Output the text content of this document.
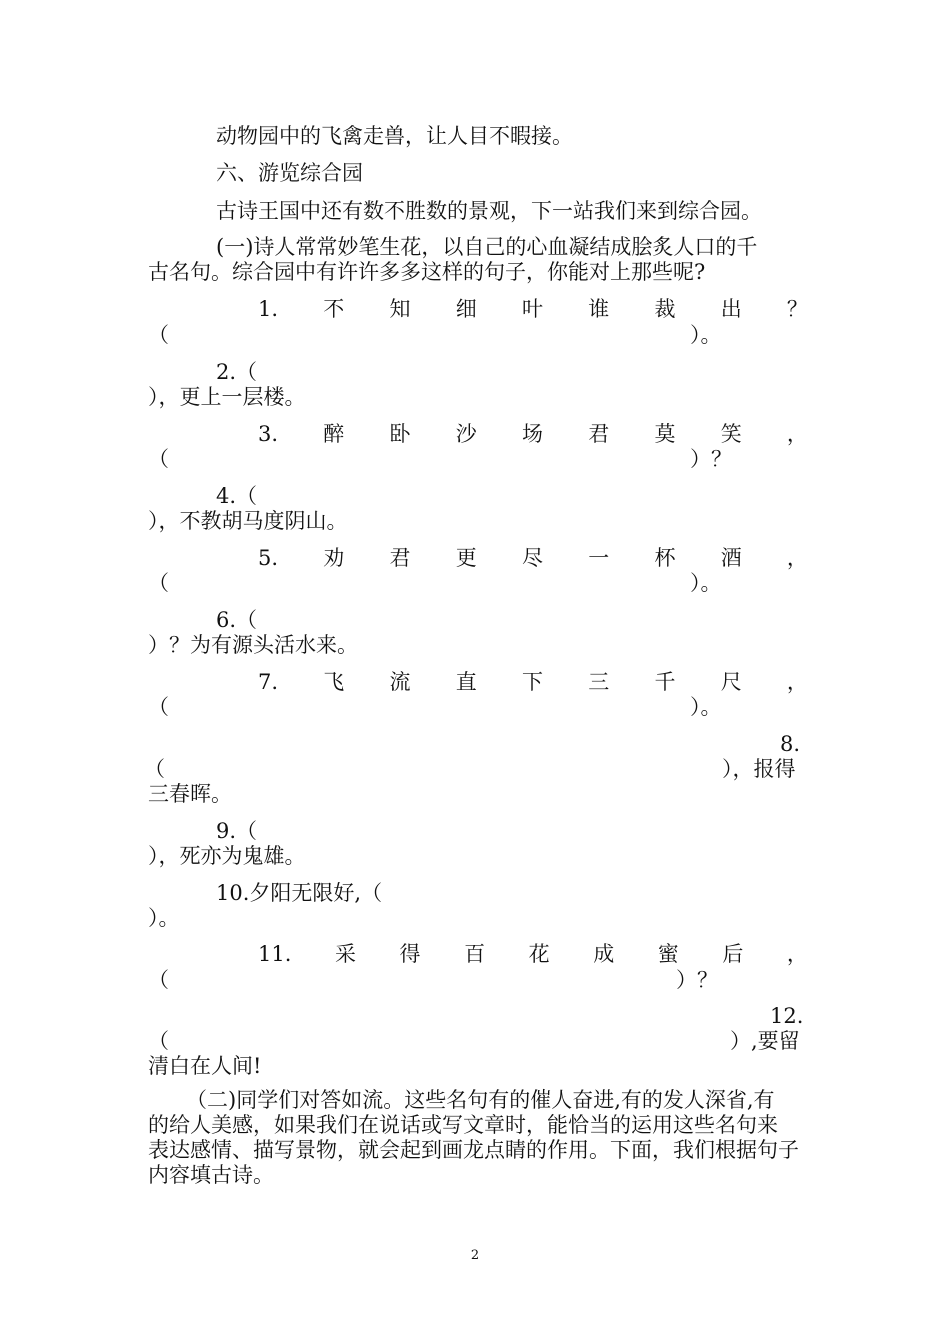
动物园中的飞禽走兽，让人目不暇接。
六、游览综合园
古诗王国中还有数不胜数的景观，下一站我们来到综合园。
(一)诗人常常妙笔生花，以自己的心血凝结成脍炙人口的千
古名句。综合园中有许许多多这样的句子，你能对上那些呢?
1. 不 知 细 叶 谁 裁 出 ？
（	）。
2.（
），更上一层楼。
3. 醉 卧 沙 场 君 莫 笑 ，
（	）？
4.（
），不教胡马度阴山。
5. 劝 君 更 尽 一 杯 酒 ，
（	）。
6.（
）？为有源头活水来。
7. 飞 流 直 下 三 千 尺 ，
（	）。
8.
（	），报得
三春晖。
9.（
），死亦为鬼雄。
10.夕阳无限好,（
）。
11. 采 得 百 花 成 蜜 后 ，
（	）？
12.
（	）,要留
清白在人间!
（二)同学们对答如流。这些名句有的催人奋进,有的发人深省,有
的给人美感，如果我们在说话或写文章时，能恰当的运用这些名句来
表达感情、描写景物，就会起到画龙点睛的作用。下面，我们根据句子
内容填古诗。
2
